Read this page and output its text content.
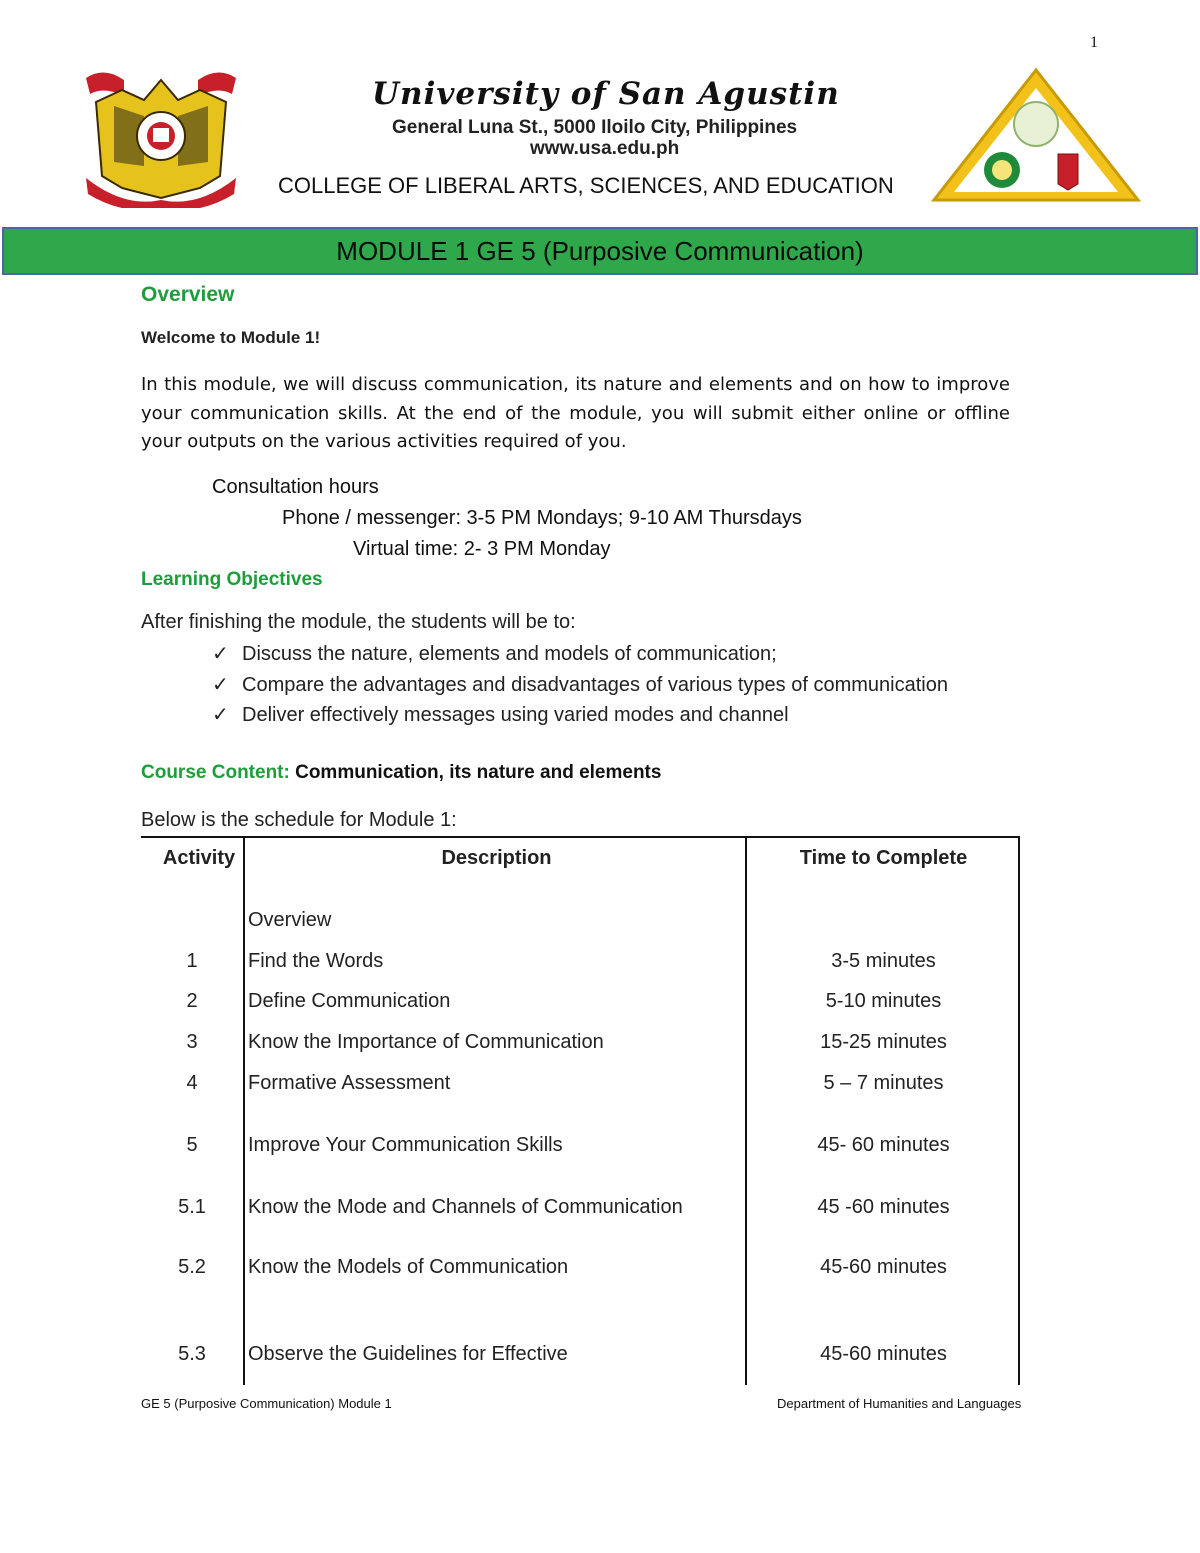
1
University of San Agustin
General Luna St., 5000 Iloilo City, Philippines
www.usa.edu.ph
COLLEGE OF LIBERAL ARTS, SCIENCES, AND EDUCATION
MODULE 1 GE 5 (Purposive Communication)
Overview
Welcome to Module 1!
In this module, we will discuss communication, its nature and elements and on how to improve your communication skills. At the end of the module, you will submit either online or offline your outputs on the various activities required of you.
Consultation hours
Phone / messenger: 3-5 PM Mondays; 9-10 AM Thursdays
Virtual time: 2- 3 PM Monday
Learning Objectives
After finishing the module, the students will be to:
✓ Discuss the nature, elements and models of communication;
✓ Compare the advantages and disadvantages of various types of communication
✓ Deliver effectively messages using varied modes and channel
Course Content: Communication, its nature and elements
Below is the schedule for Module 1:
Activity	Description	Time to Complete
Overview
1	Find the Words	3-5 minutes
2	Define Communication	5-10 minutes
3	Know the Importance of Communication	15-25 minutes
4	Formative Assessment	5 – 7 minutes
5	Improve Your Communication Skills	45- 60 minutes
5.1	Know the Mode and Channels of Communication	45 -60 minutes
5.2	Know the Models of Communication	45-60 minutes
5.3	Observe the Guidelines for Effective	45-60 minutes
GE 5 (Purposive Communication) Module 1	Department of Humanities and Languages
